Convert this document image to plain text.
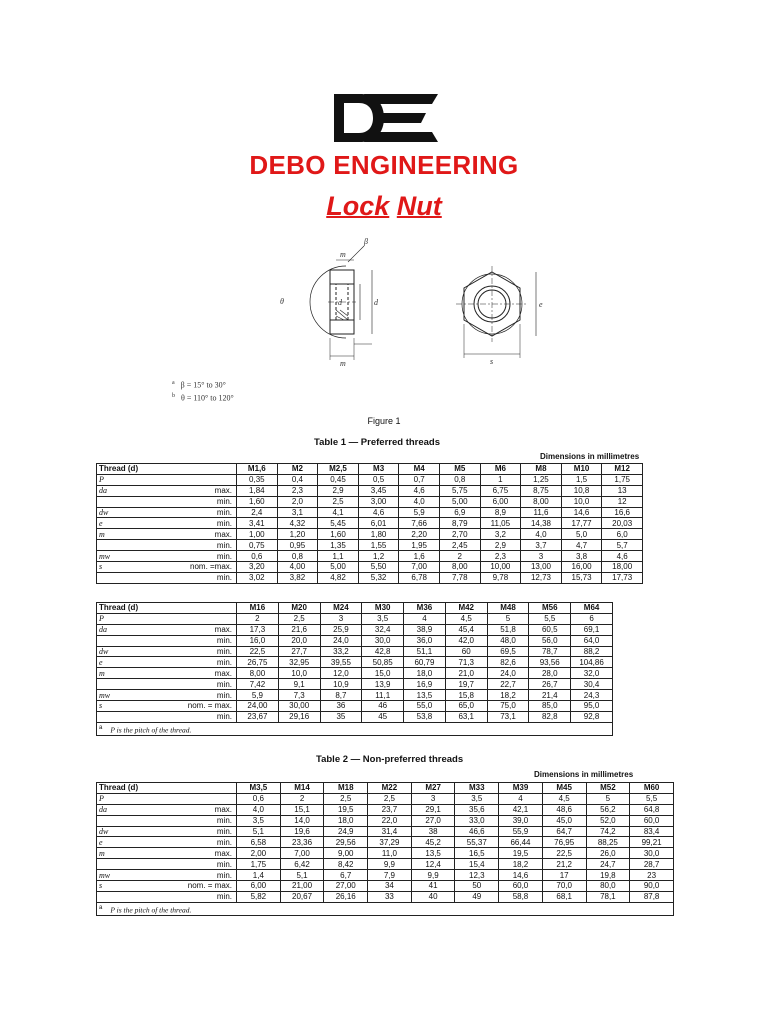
DEBO ENGINEERING
Lock Nut
β
m
d	d
m
θ	e
s
$^a$ β = 15° to 30°
$^b$ θ = 110° to 120°
Figure 1
Table 1 — Preferred threads
Dimensions in millimetres
Thread (d)		M1,6	M2	M2,5	M3	M4	M5	M6	M8	M10	M12
P		0,35	0,4	0,45	0,5	0,7	0,8	1	1,25	1,5	1,75
da	max.	1,84	2,3	2,9	3,45	4,6	5,75	6,75	8,75	10,8	13
	min.	1,60	2,0	2,5	3,00	4,0	5,00	6,00	8,00	10,0	12
dw	min.	2,4	3,1	4,1	4,6	5,9	6,9	8,9	11,6	14,6	16,6
e	min.	3,41	4,32	5,45	6,01	7,66	8,79	11,05	14,38	17,77	20,03
m	max.	1,00	1,20	1,60	1,80	2,20	2,70	3,2	4,0	5,0	6,0
	min.	0,75	0,95	1,35	1,55	1,95	2,45	2,9	3,7	4,7	5,7
mw	min.	0,6	0,8	1,1	1,2	1,6	2	2,3	3	3,8	4,6
s	nom. =max.	3,20	4,00	5,00	5,50	7,00	8,00	10,00	13,00	16,00	18,00
	min.	3,02	3,82	4,82	5,32	6,78	7,78	9,78	12,73	15,73	17,73
Thread (d)		M16	M20	M24	M30	M36	M42	M48	M56	M64
P		2	2,5	3	3,5	4	4,5	5	5,5	6
da	max.	17,3	21,6	25,9	32,4	38,9	45,4	51,8	60,5	69,1
	min.	16,0	20,0	24,0	30,0	36,0	42,0	48,0	56,0	64,0
dw	min.	22,5	27,7	33,2	42,8	51,1	60	69,5	78,7	88,2
e	min.	26,75	32,95	39,55	50,85	60,79	71,3	82,6	93,56	104,86
m	max.	8,00	10,0	12,0	15,0	18,0	21,0	24,0	28,0	32,0
	min.	7,42	9,1	10,9	13,9	16,9	19,7	22,7	26,7	30,4
mw	min.	5,9	7,3	8,7	11,1	13,5	15,8	18,2	21,4	24,3
s	nom. = max.	24,00	30,00	36	46	55,0	65,0	75,0	85,0	95,0
	min.	23,67	29,16	35	45	53,8	63,1	73,1	82,8	92,8
$^a$ P is the pitch of the thread.										
Table 2 — Non-preferred threads
Dimensions in millimetres
Thread (d)		M3,5	M14	M18	M22	M27	M33	M39	M45	M52	M60
P		0,6	2	2,5	2,5	3	3,5	4	4,5	5	5,5
da	max.	4,0	15,1	19,5	23,7	29,1	35,6	42,1	48,6	56,2	64,8
	min.	3,5	14,0	18,0	22,0	27,0	33,0	39,0	45,0	52,0	60,0
dw	min.	5,1	19,6	24,9	31,4	38	46,6	55,9	64,7	74,2	83,4
e	min.	6,58	23,36	29,56	37,29	45,2	55,37	66,44	76,95	88,25	99,21
m	max.	2,00	7,00	9,00	11,0	13,5	16,5	19,5	22,5	26,0	30,0
	min.	1,75	6,42	8,42	9,9	12,4	15,4	18,2	21,2	24,7	28,7
mw	min.	1,4	5,1	6,7	7,9	9,9	12,3	14,6	17	19,8	23
s	nom. = max.	6,00	21,00	27,00	34	41	50	60,0	70,0	80,0	90,0
	min.	5,82	20,67	26,16	33	40	49	58,8	68,1	78,1	87,8
$^a$ P is the pitch of the thread.											
